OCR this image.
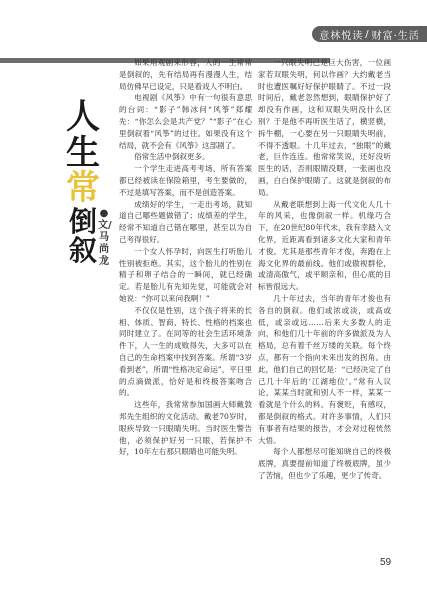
意林悦读 / 财富·生活
人
生
常
倒
叙
●文/马尚龙

如果用观剧来形容，人的一生常常是倒叙的，先有结局再有漫漫人生，结局仿佛早已设定，只是看戏人不明白。

电视剧《风筝》中有一句很有意思的台词：“影子”韩冰问“风筝”郑耀先：“你怎么会是共产党？”“影子”在心里倒叙着“风筝”的过往。如果没有这个结局，就不会有《风筝》这部剧了。

俗常生活中倒叙更多。

一个学生走进高考考场，所有答案都已经被读在保险箱里，考生要做的，不过是填写答案，而不是创造答案。

成绩好的学生，一走出考场，就知道自己哪些题做错了；成绩差的学生，经常不知道自己错在哪里，甚至以为自己考得很好。

一个女人怀孕时，向医生打听胎儿性别被拒绝。其实，这个胎儿的性别在精子和卵子结合的一瞬间，就已经确定。若是胎儿有先知先觉，可能就会对她说：“你可以来问我啊！”

不仅仅是性别，这个孩子将来的长相、体质、智商、特长、性格的档案也同时建立了。在同等的社会生活环境条件下，人一生的成败得失，大多可以在自己的生命档案中找到答案。所谓“3岁看到老”，所谓“性格决定命运”，平日里的点滴做派，恰好是和终极答案吻合的。

这些年，我常常参加国画大师戴敦邦先生组织的文化活动。戴老70岁时，眼疾导致一只眼睛失明。当时医生警告他，必须保护好另一只眼，若保护不好，10年左右那只眼睛也可能失明。

一只眼失明已是巨大伤害，一位画家若双眼失明，何以作画？大约戴老当时也遭医嘱好好保护眼睛了。不过一段时间后，戴老忽然想到，眼睛保护好了却没有作画，这和双眼失明没什么区别？于是他不再听医生话了，横竖横，拆牛棚，一心要在另一只眼睛失明前，不得不透眼。十几年过去，“独眼”的戴老，巨作连连。他常常笑说，还好没听医生的话，否则眼睛没瞎，一张画也没画，白白保护眼睛了。这就是倒叙的布局。

从戴老联想到上海一代文化人几十年的风采，也像倒叙一样。机缘巧合下，在20世纪80年代末，我有幸踏入文化界，近距离看到诸多文化大家和青年才俊。尤其是那些青年才俊，奔跑在上海文化界的最前线。他们或傲视群伦，或清高傲气，或平顺亲和，但心底的目标皆很远大。

几十年过去，当年的青年才俊也有各自的倒叙。他们或浓或淡，或高或低，或亲或远……后来大多数人的走向，和他们几十年前的许多做派及为人格局，总有着千丝万缕的关联。每个终点，都有一个指向未来出发的拐角。由此，他们自己的回忆是：“已经决定了自己几十年后的‘江湖地位’。”常有人议论，某某当时就和别人不一样，某某一看就是个什么的料。有褒贬，有感叹，都是倒叙的格式。对许多事情，人们只有事者有结果的报告，才会对过程恍然大悟。

每个人都想尽可能知晓自己的终极底牌，真要提前知道了终极底牌，虽少了苦恼，但也少了乐趣，更少了传奇。

59
